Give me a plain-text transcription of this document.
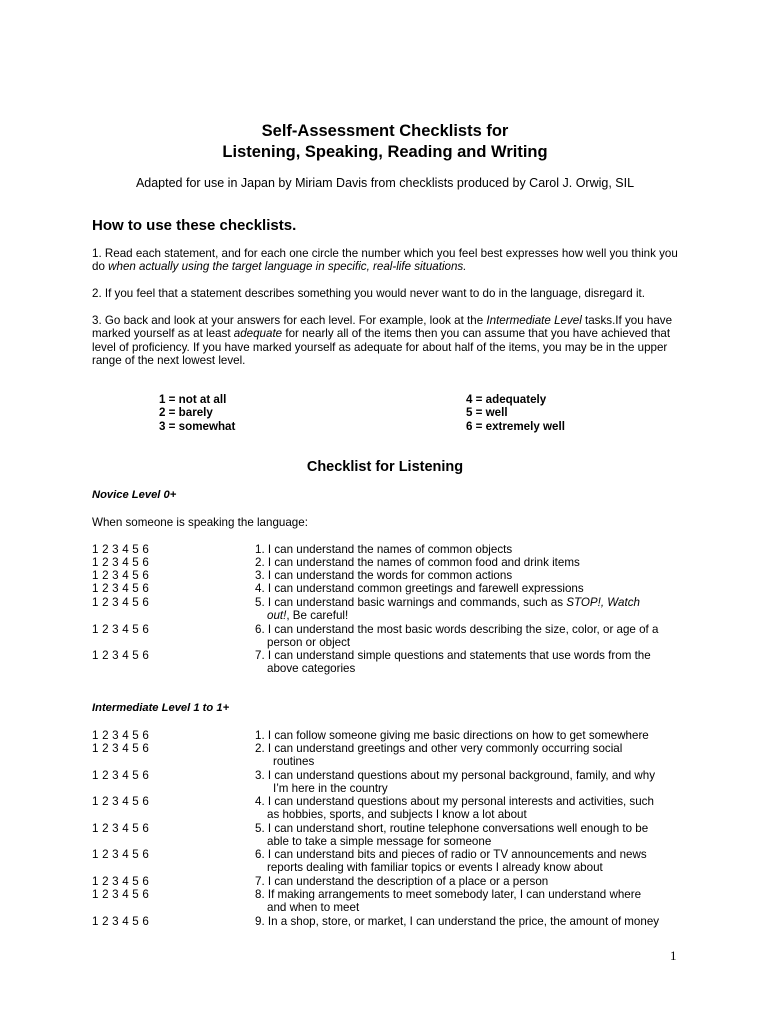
Self-Assessment Checklists for
Listening, Speaking, Reading and Writing
Adapted for use in Japan by Miriam Davis from checklists produced by Carol J. Orwig, SIL
How to use these checklists.
1. Read each statement, and for each one circle the number which you feel best expresses how well you think you do when actually using the target language in specific, real-life situations.
2. If you feel that a statement describes something you would never want to do in the language, disregard it.
3. Go back and look at your answers for each level. For example, look at the Intermediate Level tasks.If you have marked yourself as at least adequate for nearly all of the items then you can assume that you have achieved that level of proficiency. If you have marked yourself as adequate for about half of the items, you may be in the upper range of the next lowest level.
1 = not at all
2 = barely
3 = somewhat
4 = adequately
5 = well
6 = extremely well
Checklist for Listening
Novice Level 0+
When someone is speaking the language:
1 2 3 4 5 6	1. I can understand the names of common objects
1 2 3 4 5 6	2. I can understand the names of common food and drink items
1 2 3 4 5 6	3. I can understand the words for common actions
1 2 3 4 5 6	4. I can understand common greetings and farewell expressions
1 2 3 4 5 6	5. I can understand basic warnings and commands, such as STOP!, Watch
out!, Be careful!
1 2 3 4 5 6	6. I can understand the most basic words describing the size, color, or age of a
person or object
1 2 3 4 5 6	7. I can understand simple questions and statements that use words from the
above categories
Intermediate Level 1 to 1+
1 2 3 4 5 6	1. I can follow someone giving me basic directions on how to get somewhere
1 2 3 4 5 6	2. I can understand greetings and other very commonly occurring social
routines
1 2 3 4 5 6	3. I can understand questions about my personal background, family, and why
I’m here in the country
1 2 3 4 5 6	4. I can understand questions about my personal interests and activities, such
as hobbies, sports, and subjects I know a lot about
1 2 3 4 5 6	5. I can understand short, routine telephone conversations well enough to be
able to take a simple message for someone
1 2 3 4 5 6	6. I can understand bits and pieces of radio or TV announcements and news
reports dealing with familiar topics or events I already know about
1 2 3 4 5 6	7. I can understand the description of a place or a person
1 2 3 4 5 6	8. If making arrangements to meet somebody later, I can understand where
and when to meet
1 2 3 4 5 6	9. In a shop, store, or market, I can understand the price, the amount of money
1
